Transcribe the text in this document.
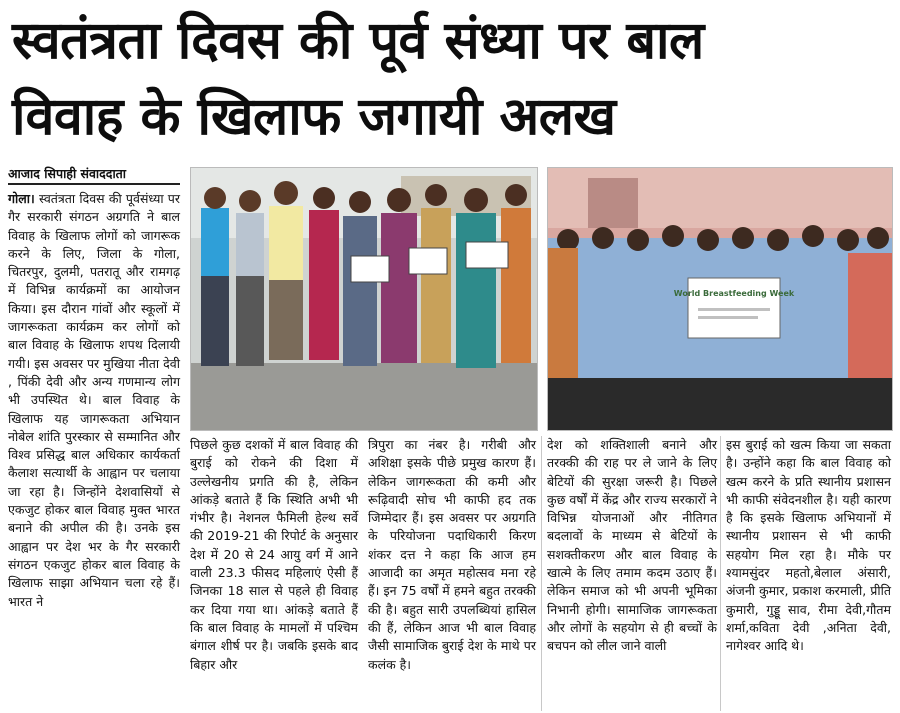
स्वतंत्रता दिवस की पूर्व संध्या पर बाल
विवाह के खिलाफ जगायी अलख
आजाद सिपाही संवाददाता

गोला। स्वतंत्रता दिवस की पूर्वसंध्या पर गैर सरकारी संगठन अग्रगति ने बाल विवाह के खिलाफ लोगों को जागरूक करने के लिए, जिला के गोला, चितरपुर, दुलमी, पतरातू और रामगढ़ में विभिन्न कार्यक्रमों का आयोजन किया। इस दौरान गांवों और स्कूलों में जागरूकता कार्यक्रम कर लोगों को बाल विवाह के खिलाफ शपथ दिलायी गयी। इस अवसर पर मुखिया नीता देवी , पिंकी देवी और अन्य गणमान्य लोग भी उपस्थित थे। बाल विवाह के खिलाफ यह जागरूकता अभियान नोबेल शांति पुरस्कार से सम्मानित और विश्व प्रसिद्ध बाल अधिकार कार्यकर्ता कैलाश सत्यार्थी के आह्वान पर चलाया जा रहा है। जिन्होंने देशवासियों से एकजुट होकर बाल विवाह मुक्त भारत बनाने की अपील की है। उनके इस आह्वान पर देश भर के गैर सरकारी संगठन एकजुट होकर बाल विवाह के खिलाफ साझा अभियान चला रहे हैं। भारत ने

World Breastfeeding Week

पिछले कुछ दशकों में बाल विवाह की बुराई को रोकने की दिशा में उल्लेखनीय प्रगति की है, लेकिन आंकड़े बताते हैं कि स्थिति अभी भी गंभीर है। नेशनल फैमिली हेल्थ सर्वे की 2019-21 की रिपोर्ट के अनुसार देश में 20 से 24 आयु वर्ग में आने वाली 23.3 फीसद महिलाएं ऐसी हैं जिनका 18 साल से पहले ही विवाह कर दिया गया था। आंकड़े बताते हैं कि बाल विवाह के मामलों में पश्चिम बंगाल शीर्ष पर है। जबकि इसके बाद बिहार और

त्रिपुरा का नंबर है। गरीबी और अशिक्षा इसके पीछे प्रमुख कारण हैं। लेकिन जागरूकता की कमी और रूढ़िवादी सोच भी काफी हद तक जिम्मेदार हैं। इस अवसर पर अग्रगति के परियोजना पदाधिकारी किरण शंकर दत्त ने कहा कि आज हम आजादी का अमृत महोत्सव मना रहे हैं। इन 75 वर्षों में हमने बहुत तरक्की की है। बहुत सारी उपलब्धियां हासिल की हैं, लेकिन आज भी बाल विवाह जैसी सामाजिक बुराई देश के माथे पर कलंक है।

देश को शक्तिशाली बनाने और तरक्की की राह पर ले जाने के लिए बेटियों की सुरक्षा जरूरी है। पिछले कुछ वर्षों में केंद्र और राज्य सरकारों ने विभिन्न योजनाओं और नीतिगत बदलावों के माध्यम से बेटियों के सशक्तीकरण और बाल विवाह के खात्मे के लिए तमाम कदम उठाए हैं। लेकिन समाज को भी अपनी भूमिका निभानी होगी। सामाजिक जागरूकता और लोगों के सहयोग से ही बच्चों के बचपन को लील जाने वाली

इस बुराई को खत्म किया जा सकता है। उन्होंने कहा कि बाल विवाह को खत्म करने के प्रति स्थानीय प्रशासन भी काफी संवेदनशील है। यही कारण है कि इसके खिलाफ अभियानों में स्थानीय प्रशासन से भी काफी सहयोग मिल रहा है। मौके पर श्यामसुंदर महतो,बेलाल अंसारी, अंजनी कुमार, प्रकाश करमाली, प्रीति कुमारी, गुड्डू साव, रीमा देवी,गौतम शर्मा,कविता देवी ,अनिता देवी, नागेश्वर आदि थे।
